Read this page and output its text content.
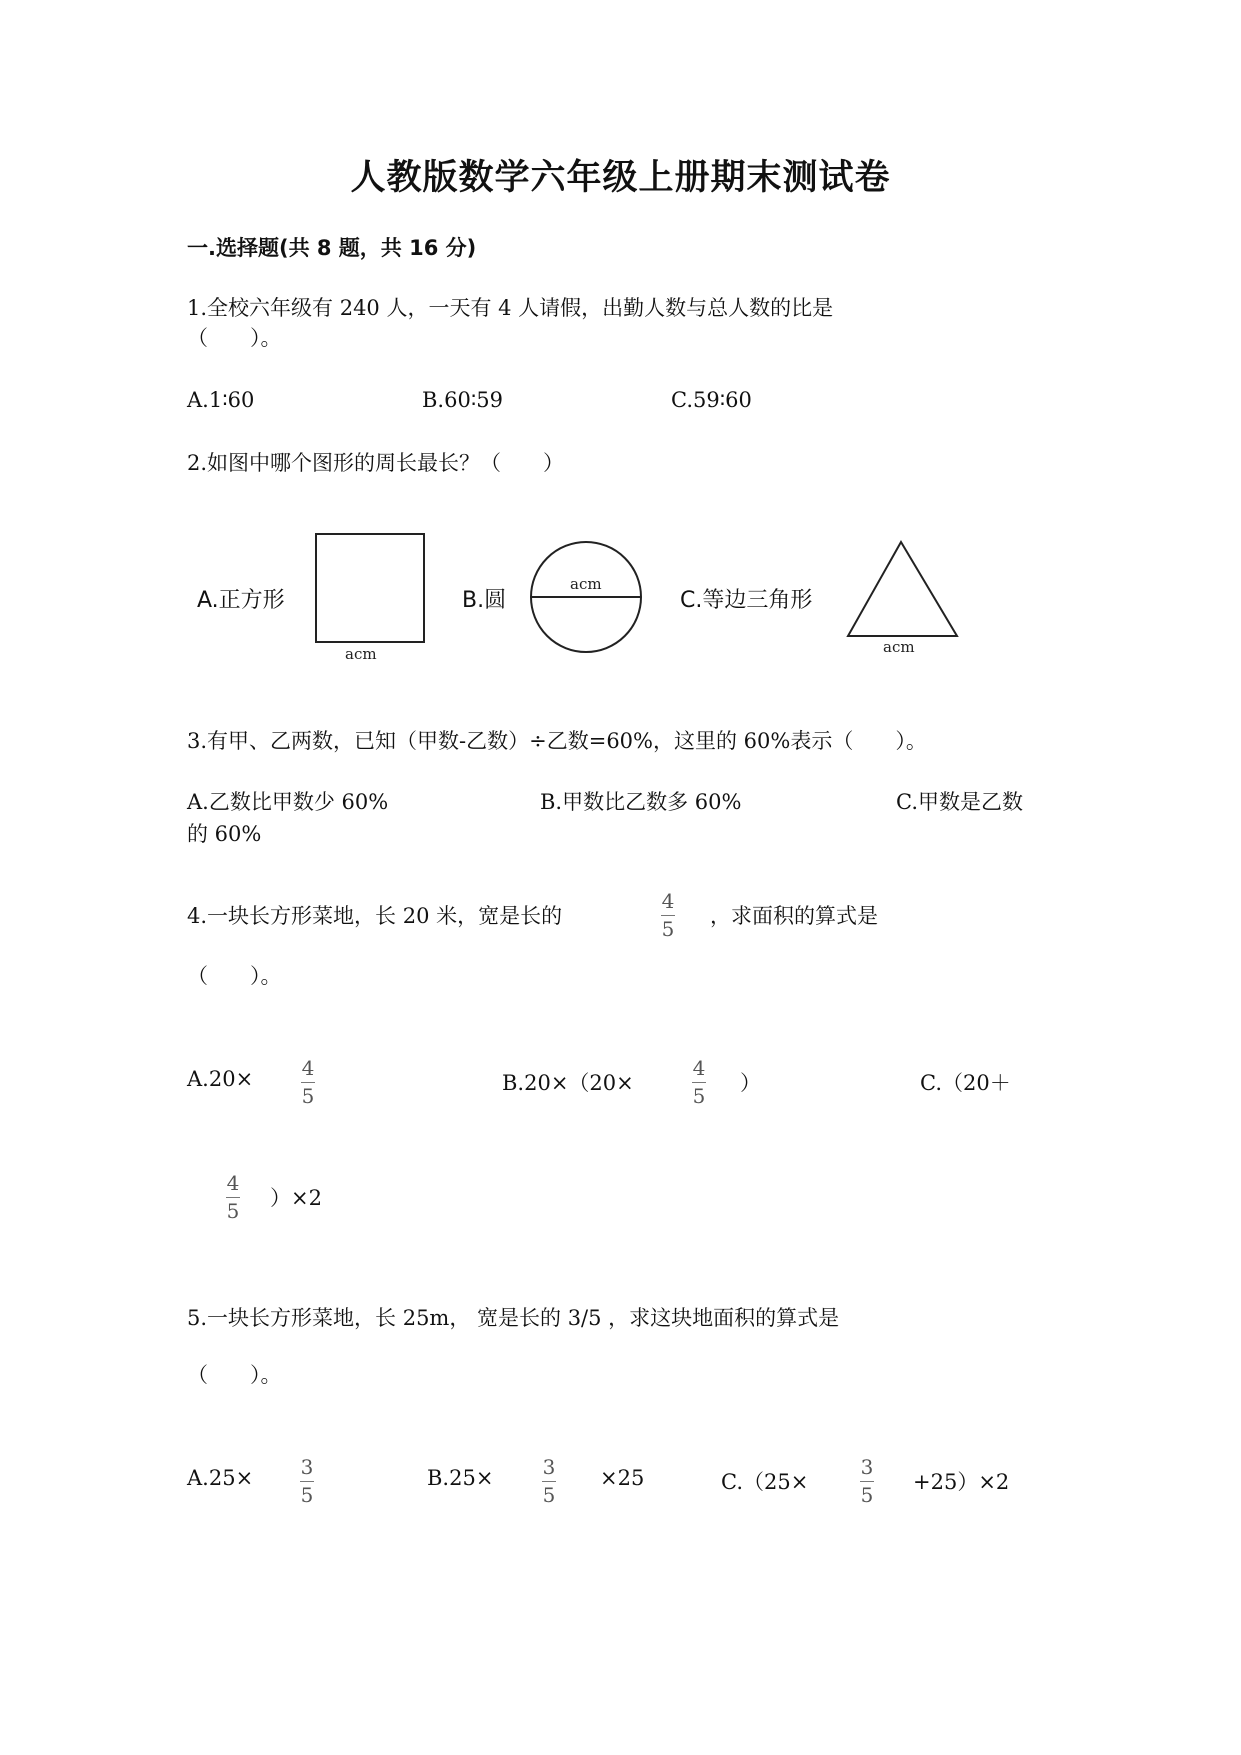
人教版数学六年级上册期末测试卷
一.选择题(共 8 题，共 16 分)
1.全校六年级有 240 人，一天有 4 人请假，出勤人数与总人数的比是
（　　）。
A.1∶60	B.60∶59	C.59∶60
2.如图中哪个图形的周长最长？（　　）
A.正方形	B.圆	C.等边三角形
acm
acm
acm
3.有甲、乙两数，已知（甲数-乙数）÷乙数=60%，这里的 60%表示（　　）。
A.乙数比甲数少 60%	B.甲数比乙数多 60%	C.甲数是乙数
的 60%
4.一块长方形菜地，长 20 米，宽是长的
4
5
，求面积的算式是
（　　）。
A.20× 4
5
B.20×（20×
4
5
）	C.（20＋
4
5
）×2
5.一块长方形菜地，长 25m， 宽是长的 3/5 ，求这块地面积的算式是
（　　）。
A.25× 3
5
B.25× 3
5
×25	C.（25×
3
5
+25）×2
